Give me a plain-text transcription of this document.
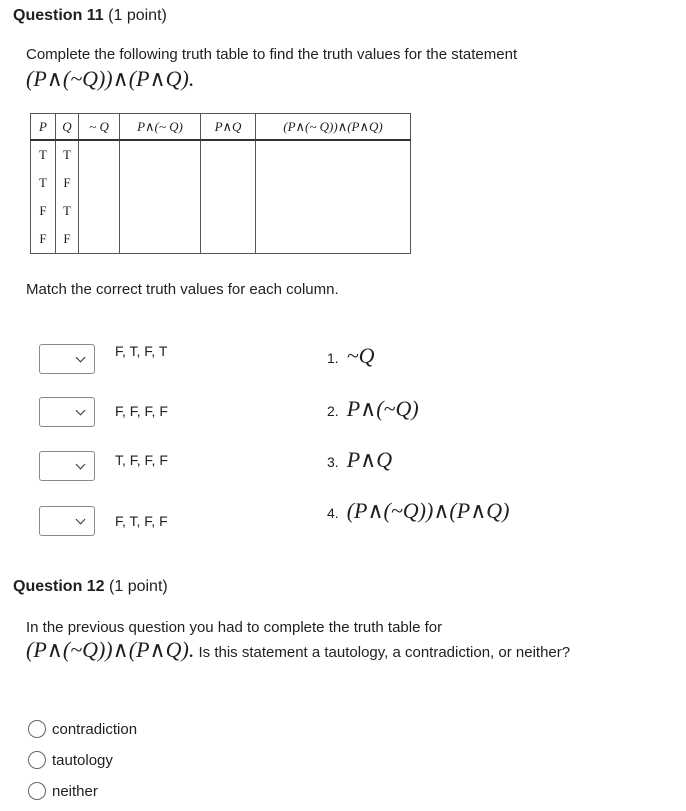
Question 11 (1 point)
Complete the following truth table to find the truth values for the statement
(P∧(~Q))∧(P∧Q).
P	Q	~ Q	P∧(~ Q)	P∧Q	(P∧(~ Q))∧(P∧Q)
T	T				
T	F				
F	T				
F	F				
Match the correct truth values for each column.
F, T, F, T
F, F, F, F
T, F, F, F
F, T, F, F
1. ~Q
2. P∧(~Q)
3. P∧Q
4. (P∧(~Q))∧(P∧Q)
Question 12 (1 point)
In the previous question you had to complete the truth table for
(P∧(~Q))∧(P∧Q). Is this statement a tautology, a contradiction, or neither?
contradiction
tautology
neither
